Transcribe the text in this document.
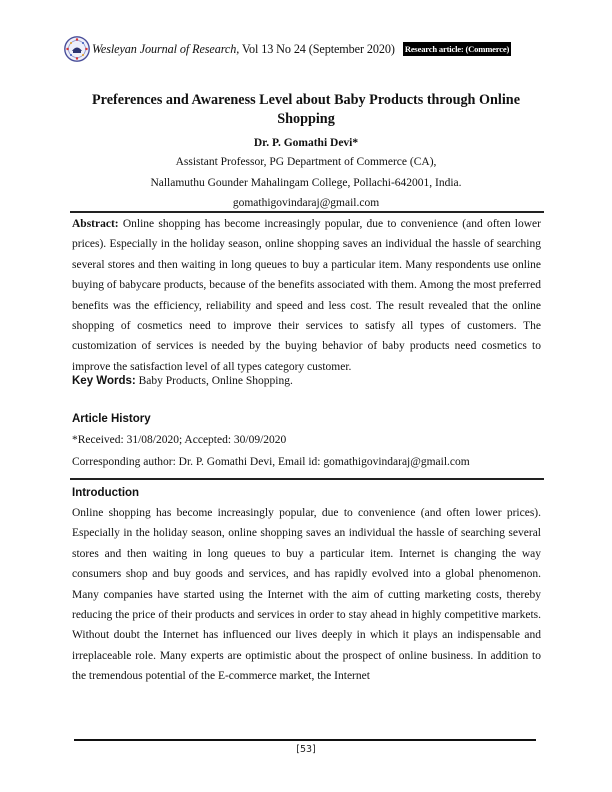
Wesleyan Journal of Research, Vol 13 No 24 (September 2020) Research article: (Commerce)
Preferences and Awareness Level about Baby Products through Online Shopping
Dr. P. Gomathi Devi*
Assistant Professor, PG Department of Commerce (CA),
Nallamuthu Gounder Mahalingam College, Pollachi-642001, India.
gomathigovindaraj@gmail.com
Abstract: Online shopping has become increasingly popular, due to convenience (and often lower prices). Especially in the holiday season, online shopping saves an individual the hassle of searching several stores and then waiting in long queues to buy a particular item. Many respondents use online buying of babycare products, because of the benefits associated with them. Among the most preferred benefits was the efficiency, reliability and speed and less cost. The result revealed that the online shopping of cosmetics need to improve their services to satisfy all types of customers. The customization of services is needed by the buying behavior of baby products need cosmetics to improve the satisfaction level of all types category customer.
Key Words: Baby Products, Online Shopping.
Article History
*Received: 31/08/2020; Accepted: 30/09/2020
Corresponding author: Dr. P. Gomathi Devi, Email id: gomathigovindaraj@gmail.com
Introduction
Online shopping has become increasingly popular, due to convenience (and often lower prices). Especially in the holiday season, online shopping saves an individual the hassle of searching several stores and then waiting in long queues to buy a particular item. Internet is changing the way consumers shop and buy goods and services, and has rapidly evolved into a global phenomenon. Many companies have started using the Internet with the aim of cutting marketing costs, thereby reducing the price of their products and services in order to stay ahead in highly competitive markets. Without doubt the Internet has influenced our lives deeply in which it plays an indispensable and irreplaceable role. Many experts are optimistic about the prospect of online business. In addition to the tremendous potential of the E-commerce market, the Internet
[53]
